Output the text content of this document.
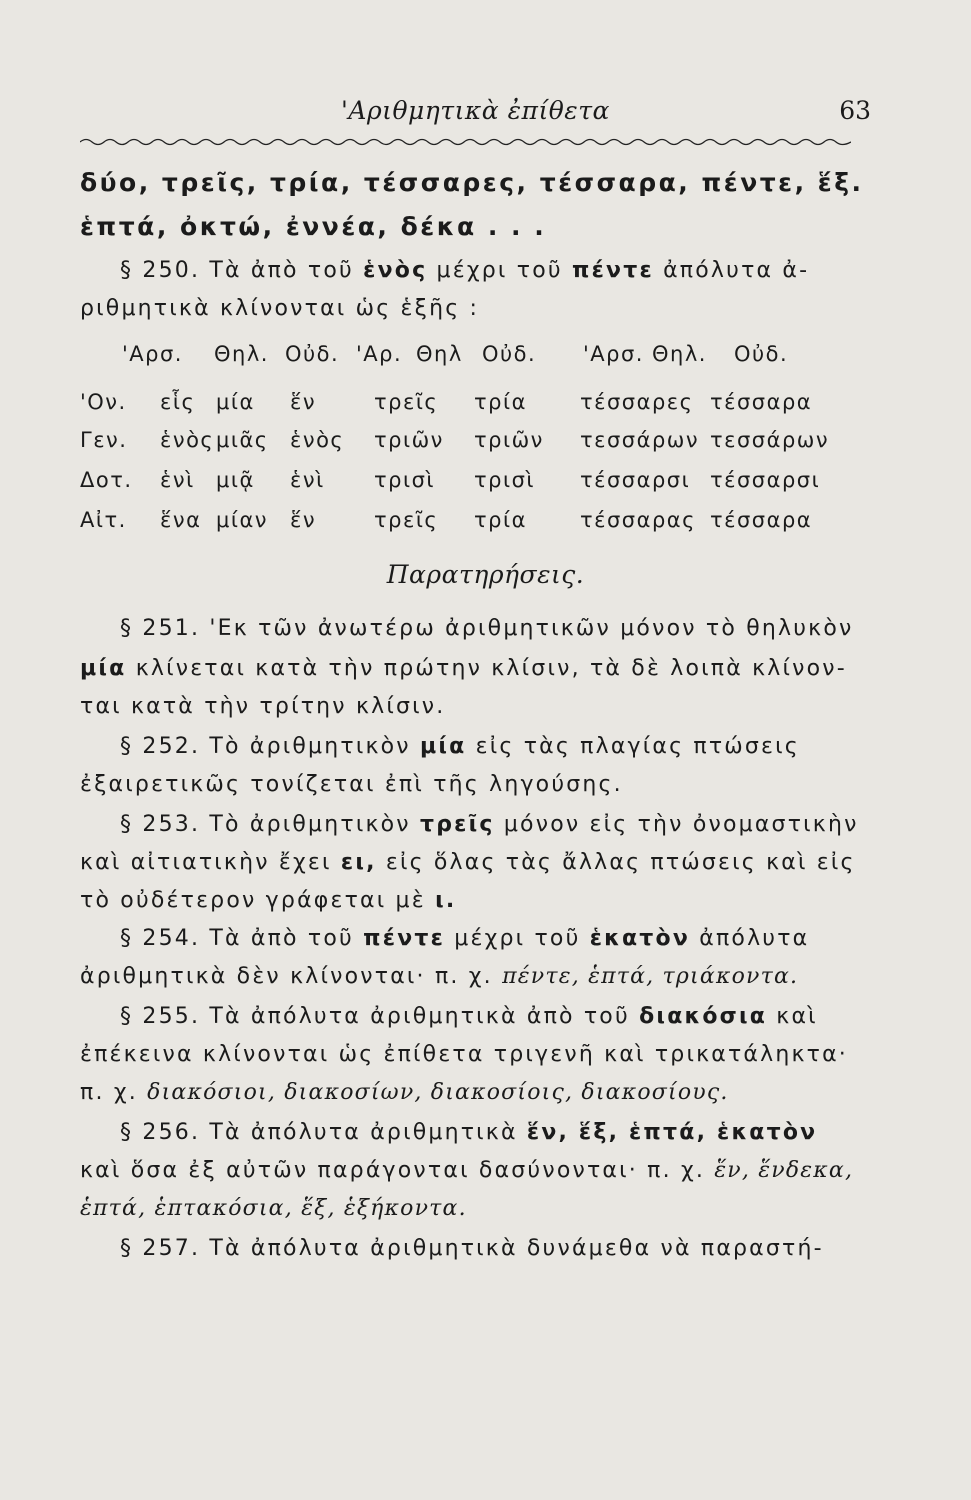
'Αριθμητικὰ ἐπίθετα	63
δύο, τρεῖς, τρία, τέσσαρες, τέσσαρα, πέντε, ἕξ.
ἑπτά, ὀκτώ, ἐννέα, δέκα . . .
§ 250. Τὰ ἀπὸ τοῦ ἑνὸς μέχρι τοῦ πέντε ἀπόλυτα ἀ-
ριθμητικὰ κλίνονται ὡς ἑξῆς :
'Αρσ. Θηλ. Οὐδ. 'Αρ. Θηλ Οὐδ. 'Αρσ. Θηλ. Οὐδ.
'Ον. εἷς μία ἕν	τρεῖς τρία	τέσσαρες τέσσαρα
Γεν. ἑνὸς μιᾶς ἑνὸς τριῶν τριῶν τεσσάρων τεσσάρων
Δοτ. ἑνὶ μιᾷ ἑνὶ τρισὶ τρισὶ τέσσαρσι τέσσαρσι
Αἰτ. ἕνα μίαν ἕν	τρεῖς τρία	τέσσαρας τέσσαρα
Παρατηρήσεις.
§ 251. 'Εκ τῶν ἀνωτέρω ἀριθμητικῶν μόνον τὸ θηλυκὸν
μία κλίνεται κατὰ τὴν πρώτην κλίσιν, τὰ δὲ λοιπὰ κλίνον-
ται κατὰ τὴν τρίτην κλίσιν.
§ 252. Τὸ ἀριθμητικὸν μία εἰς τὰς πλαγίας πτώσεις
ἐξαιρετικῶς τονίζεται ἐπὶ τῆς ληγούσης.
§ 253. Τὸ ἀριθμητικὸν τρεῖς μόνον εἰς τὴν ὀνομαστικὴν
καὶ αἰτιατικὴν ἔχει ει, εἰς ὅλας τὰς ἄλλας πτώσεις καὶ εἰς
τὸ οὐδέτερον γράφεται μὲ ι.
§ 254. Τὰ ἀπὸ τοῦ πέντε μέχρι τοῦ ἑκατὸν ἀπόλυτα
ἀριθμητικὰ δὲν κλίνονται· π. χ. πέντε, ἑπτά, τριάκοντα.
§ 255. Τὰ ἀπόλυτα ἀριθμητικὰ ἀπὸ τοῦ διακόσια καὶ
ἐπέκεινα κλίνονται ὡς ἐπίθετα τριγενῆ καὶ τρικατάληκτα·
π. χ. διακόσιοι, διακοσίων, διακοσίοις, διακοσίους.
§ 256. Τὰ ἀπόλυτα ἀριθμητικὰ ἕν, ἕξ, ἑπτά, ἑκατὸν
καὶ ὅσα ἐξ αὐτῶν παράγονται δασύνονται· π. χ. ἕν, ἕνδεκα,
ἑπτά, ἑπτακόσια, ἕξ, ἑξήκοντα.
§ 257. Τὰ ἀπόλυτα ἀριθμητικὰ δυνάμεθα νὰ παραστή-
